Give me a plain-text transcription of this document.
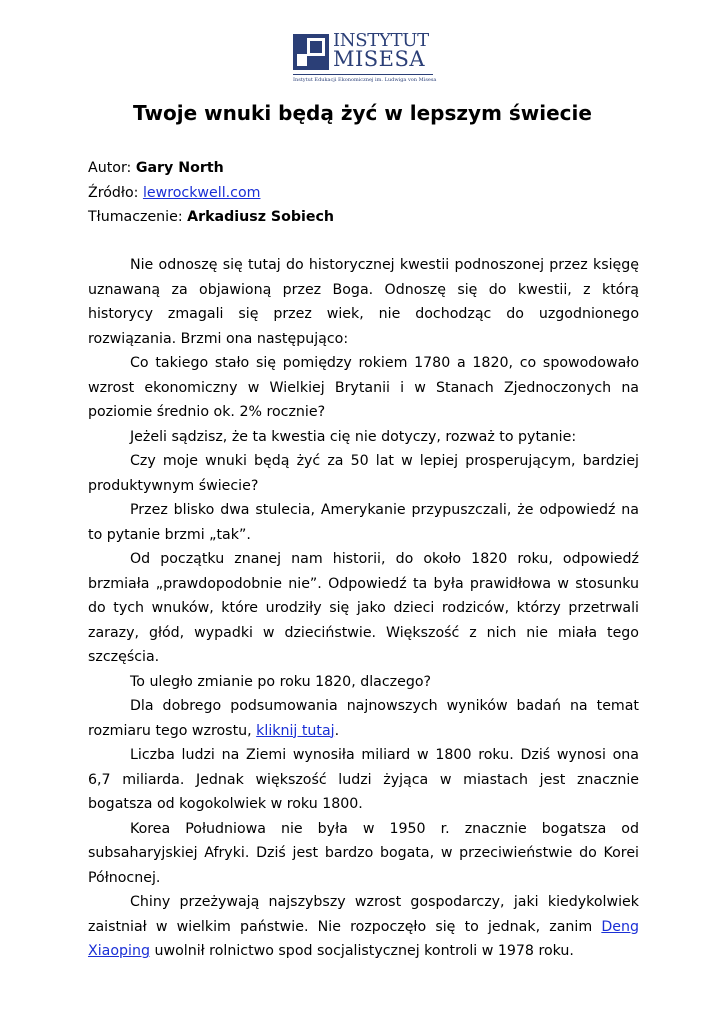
INSTYTUT
MISESA
Instytut Edukacji Ekonomicznej im. Ludwiga von Misesa
Twoje wnuki będą żyć w lepszym świecie
Autor: Gary North
Źródło: lewrockwell.com
Tłumaczenie: Arkadiusz Sobiech

Nie odnoszę się tutaj do historycznej kwestii podnoszonej przez księgę uznawaną za objawioną przez Boga. Odnoszę się do kwestii, z którą historycy zmagali się przez wiek, nie dochodząc do uzgodnionego rozwiązania. Brzmi ona następująco:

Co takiego stało się pomiędzy rokiem 1780 a 1820, co spowodowało wzrost ekonomiczny w Wielkiej Brytanii i w Stanach Zjednoczonych na poziomie średnio ok. 2% rocznie?

Jeżeli sądzisz, że ta kwestia cię nie dotyczy, rozważ to pytanie:

Czy moje wnuki będą żyć za 50 lat w lepiej prosperującym, bardziej produktywnym świecie?

Przez blisko dwa stulecia, Amerykanie przypuszczali, że odpowiedź na to pytanie brzmi „tak”.

Od początku znanej nam historii, do około 1820 roku, odpowiedź brzmiała „prawdopodobnie nie”. Odpowiedź ta była prawidłowa w stosunku do tych wnuków, które urodziły się jako dzieci rodziców, którzy przetrwali zarazy, głód, wypadki w dzieciństwie. Większość z nich nie miała tego szczęścia.

To uległo zmianie po roku 1820, dlaczego?

Dla dobrego podsumowania najnowszych wyników badań na temat rozmiaru tego wzrostu, kliknij tutaj.

Liczba ludzi na Ziemi wynosiła miliard w 1800 roku. Dziś wynosi ona 6,7 miliarda. Jednak większość ludzi żyjąca w miastach jest znacznie bogatsza od kogokolwiek w roku 1800.

Korea Południowa nie była w 1950 r. znacznie bogatsza od subsaharyjskiej Afryki. Dziś jest bardzo bogata, w przeciwieństwie do Korei Północnej.

Chiny przeżywają najszybszy wzrost gospodarczy, jaki kiedykolwiek zaistniał w wielkim państwie. Nie rozpoczęło się to jednak, zanim Deng Xiaoping uwolnił rolnictwo spod socjalistycznej kontroli w 1978 roku.
